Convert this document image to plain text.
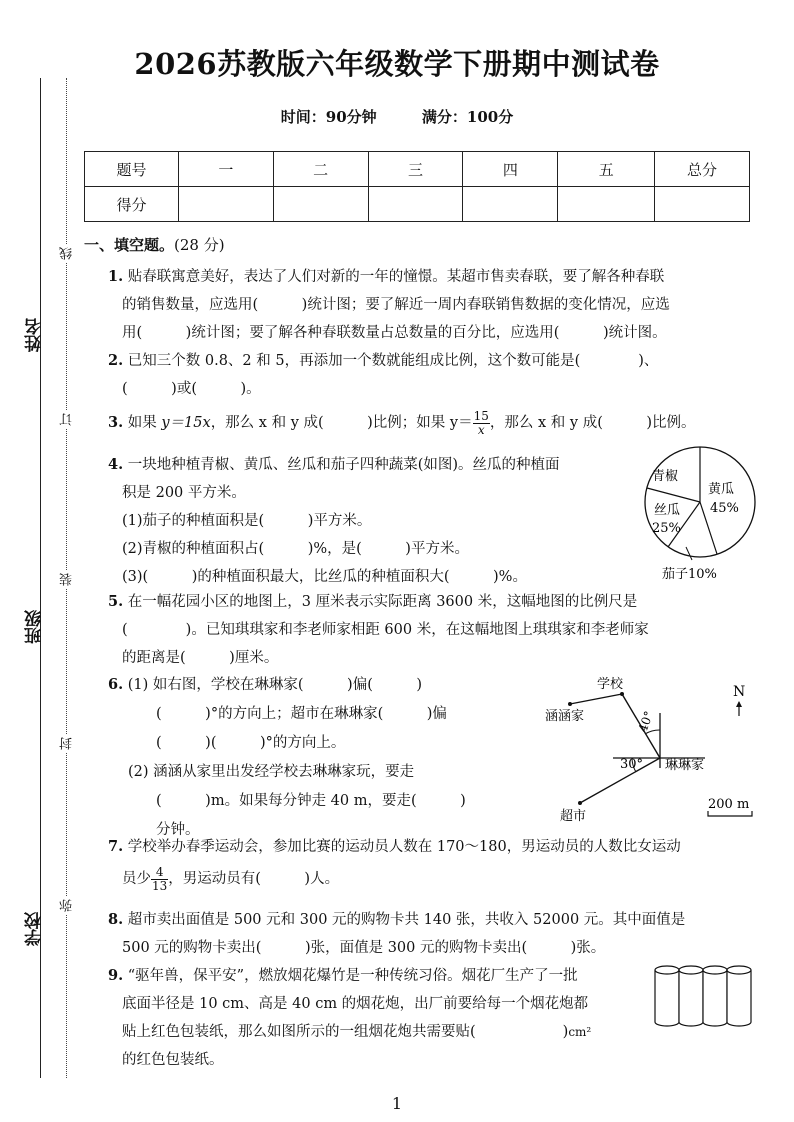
姓名
班级
学校
线
订
装
封
弥
2026苏教版六年级数学下册期中测试卷
时间：90分钟	满分：100分
题号	一	二	三	四	五	总分
得分						
一、填空题。(28 分)
1. 贴春联寓意美好，表达了人们对新的一年的憧憬。某超市售卖春联，要了解各种春联
的销售数量，应选用(　　　)统计图；要了解近一周内春联销售数据的变化情况，应选
用(　　　)统计图；要了解各种春联数量占总数量的百分比，应选用(　　　)统计图。
2. 已知三个数 0.8、2 和 5，再添加一个数就能组成比例，这个数可能是(　　　　)、
(　　　)或(　　　)。
3. 如果 y＝15x，那么 x 和 y 成(　　　)比例；如果 $y= \frac{15}{x}$ ，那么 x 和 y 成(　　　)比例。
4. 一块地种植青椒、黄瓜、丝瓜和茄子四种蔬菜(如图)。丝瓜的种植面
积是 200 平方米。
(1)茄子的种植面积是(　　　)平方米。
(2)青椒的种植面积占(　　　)%，是(　　　)平方米。
(3)(　　　)的种植面积最大，比丝瓜的种植面积大(　　　)%。
青椒
黄瓜
45%
丝瓜
25%
茄子10%
5. 在一幅花园小区的地图上，3 厘米表示实际距离 3600 米，这幅地图的比例尺是
(　　　　)。已知琪琪家和李老师家相距 600 米，在这幅地图上琪琪家和李老师家
的距离是(　　　)厘米。
6. (1) 如右图，学校在琳琳家(　　　)偏(　　　)
(　　　)°的方向上；超市在琳琳家(　　　)偏
(　　　)(　　　)°的方向上。
(2) 涵涵从家里出发经学校去琳琳家玩，要走
(　　　)m。如果每分钟走 40 m，要走(　　　)
分钟。
学校
涵涵家
琳琳家
超市
40°
30°
N
200 m
7. 学校举办春季运动会，参加比赛的运动员人数在 170～180，男运动员的人数比女运动
员少 $\frac{4}{13}$ ，男运动员有(　　　)人。
8. 超市卖出面值是 500 元和 300 元的购物卡共 140 张，共收入 52000 元。其中面值是
500 元的购物卡卖出(　　　)张，面值是 300 元的购物卡卖出(　　　)张。
9. “驱年兽，保平安”，燃放烟花爆竹是一种传统习俗。烟花厂生产了一批
底面半径是 10 cm、高是 40 cm 的烟花炮，出厂前要给每一个烟花炮都
贴上红色包装纸，那么如图所示的一组烟花炮共需要贴(　　　　　　)cm²
的红色包装纸。
1
